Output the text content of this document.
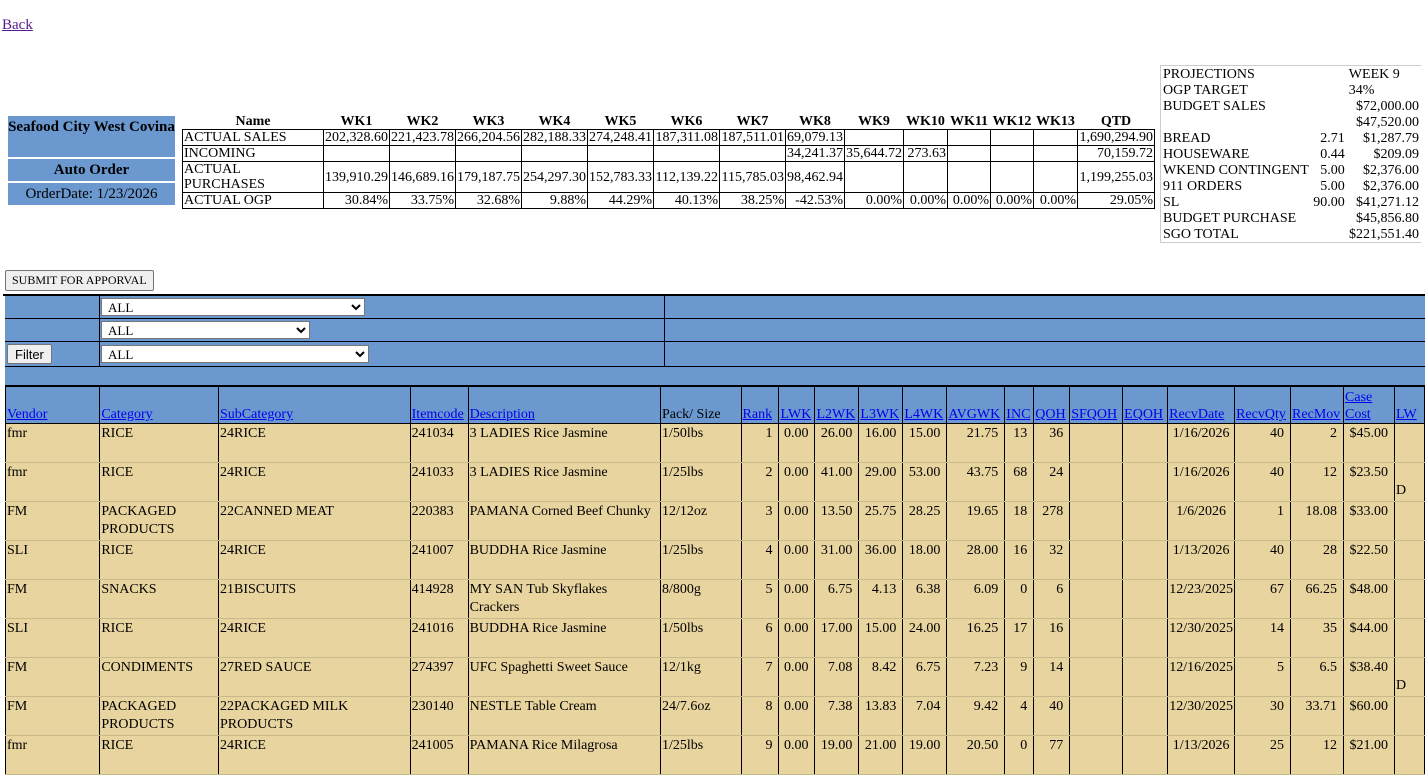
Back
Seafood City West Covina
Auto Order
OrderDate: 1/23/2026
Name	WK1	WK2	WK3	WK4	WK5	WK6	WK7	WK8	WK9	WK10	WK11	WK12	WK13	QTD
ACTUAL SALES	202,328.60	221,423.78	266,204.56	282,188.33	274,248.41	187,311.08	187,511.01	69,079.13						1,690,294.90
INCOMING								34,241.37	35,644.72	273.63				70,159.72
ACTUAL PURCHASES	139,910.29	146,689.16	179,187.75	254,297.30	152,783.33	112,139.22	115,785.03	98,462.94						1,199,255.03
ACTUAL OGP	30.84%	33.75%	32.68%	9.88%	44.29%	40.13%	38.25%	-42.53%	0.00%	0.00%	0.00%	0.00%	0.00%	29.05%
PROJECTIONS		WEEK 9
OGP TARGET		34%
BUDGET SALES		$72,000.00
		$47,520.00
BREAD	2.71	$1,287.79
HOUSEWARE	0.44	$209.09
WKEND CONTINGENT	5.00	$2,376.00
911 ORDERS	5.00	$2,376.00
SL	90.00	$41,271.12
BUDGET PURCHASE		$45,856.80
SGO TOTAL		$221,551.40
SUBMIT FOR APPORVAL
ALL
ALL
Filter
ALL
Vendor	Category	SubCategory	Itemcode	Description	Pack/ Size	Rank	LWK	L2WK	L3WK	L4WK	AVGWK	INC	QOH	SFQOH	EQOH	RecvDate	RecvQty	RecMov	Case Cost	LW
fmr	RICE	24RICE	241034	3 LADIES Rice Jasmine	1/50lbs	1	0.00	26.00	16.00	15.00	21.75	13	36			1/16/2026	40	2	$45.00	
fmr	RICE	24RICE	241033	3 LADIES Rice Jasmine	1/25lbs	2	0.00	41.00	29.00	53.00	43.75	68	24			1/16/2026	40	12	$23.50	D
FM	PACKAGED PRODUCTS	22CANNED MEAT	220383	PAMANA Corned Beef Chunky	12/12oz	3	0.00	13.50	25.75	28.25	19.65	18	278			1/6/2026	1	18.08	$33.00	
SLI	RICE	24RICE	241007	BUDDHA Rice Jasmine	1/25lbs	4	0.00	31.00	36.00	18.00	28.00	16	32			1/13/2026	40	28	$22.50	
FM	SNACKS	21BISCUITS	414928	MY SAN Tub Skyflakes Crackers	8/800g	5	0.00	6.75	4.13	6.38	6.09	0	6			12/23/2025	67	66.25	$48.00	
SLI	RICE	24RICE	241016	BUDDHA Rice Jasmine	1/50lbs	6	0.00	17.00	15.00	24.00	16.25	17	16			12/30/2025	14	35	$44.00	
FM	CONDIMENTS	27RED SAUCE	274397	UFC Spaghetti Sweet Sauce	12/1kg	7	0.00	7.08	8.42	6.75	7.23	9	14			12/16/2025	5	6.5	$38.40	D
FM	PACKAGED PRODUCTS	22PACKAGED MILK PRODUCTS	230140	NESTLE Table Cream	24/7.6oz	8	0.00	7.38	13.83	7.04	9.42	4	40			12/30/2025	30	33.71	$60.00	
fmr	RICE	24RICE	241005	PAMANA Rice Milagrosa	1/25lbs	9	0.00	19.00	21.00	19.00	20.50	0	77			1/13/2026	25	12	$21.00	
